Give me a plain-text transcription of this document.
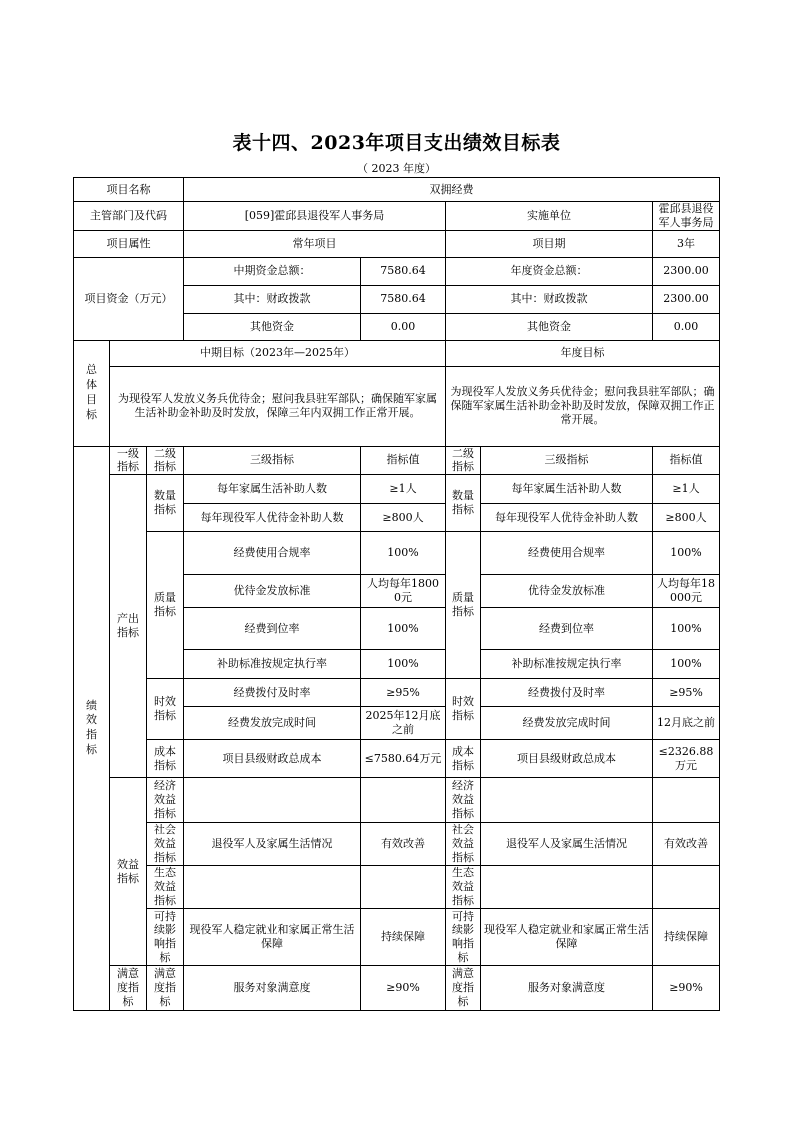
表十四、2023年项目支出绩效目标表
（ 2023 年度）
项目名称			双拥经费				
主管部门及代码			[059]霍邱县退役军人事务局		实施单位		霍邱县退役军人事务局
项目属性			常年项目		项目期		3年
项目资金（万元）			中期资金总额：	7580.64	年度资金总额：		2300.00
			其中：财政拨款	7580.64	其中：财政拨款		2300.00
			其他资金	0.00	其他资金		0.00

总体目标	中期目标（2023年—2025年）				年度目标		
	为现役军人发放义务兵优待金；慰问我县驻军部队；确保随军家属生活补助金补助及时发放，保障三年内双拥工作正常开展。				为现役军人发放义务兵优待金；慰问我县驻军部队；确保随军家属生活补助金补助及时发放，保障双拥工作正常开展。		

绩效指标	一级指标	二级指标	三级指标	指标值	二级指标	三级指标	指标值
	产出指标	数量指标	每年家属生活补助人数	≥1人	数量指标	每年家属生活补助人数	≥1人
			每年现役军人优待金补助人数	≥800人		每年现役军人优待金补助人数	≥800人
		质量指标	经费使用合规率	100%	质量指标	经费使用合规率	100%
			优待金发放标准	人均每年18000元		优待金发放标准	人均每年18000元
			经费到位率	100%		经费到位率	100%
			补助标准按规定执行率	100%		补助标准按规定执行率	100%
		时效指标	经费拨付及时率	≥95%	时效指标	经费拨付及时率	≥95%
			经费发放完成时间	2025年12月底之前		经费发放完成时间	12月底之前
		成本指标	项目县级财政总成本	≤7580.64万元	成本指标	项目县级财政总成本	≤2326.88万元
	效益指标	经济效益指标			经济效益指标		
		社会效益指标	退役军人及家属生活情况	有效改善	社会效益指标	退役军人及家属生活情况	有效改善
		生态效益指标			生态效益指标		
		可持续影响指标	现役军人稳定就业和家属正常生活保障	持续保障	可持续影响指标	现役军人稳定就业和家属正常生活保障	持续保障
	满意度指标	满意度指标	服务对象满意度	≥90%	满意度指标	服务对象满意度	≥90%
